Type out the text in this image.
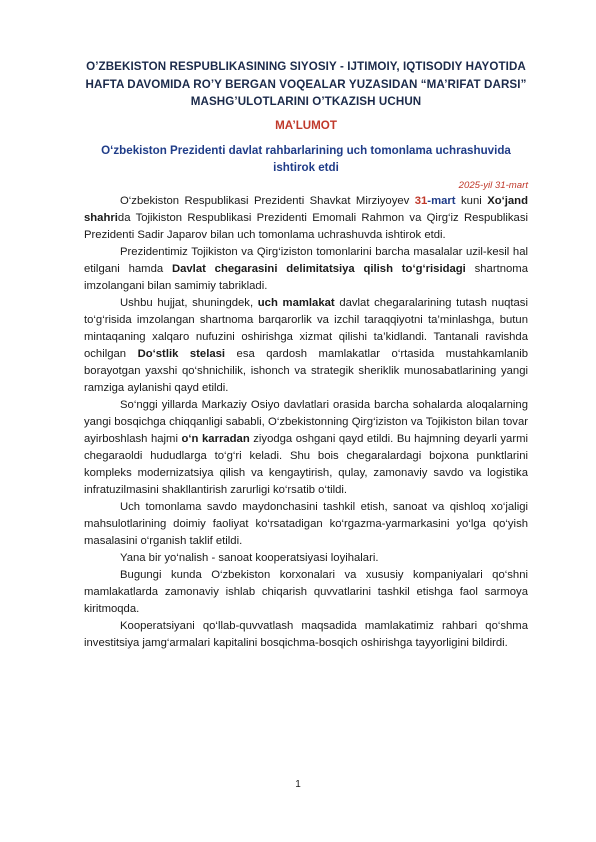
O’ZBEKISTON RESPUBLIKASINING SIYOSIY - IJTIMOIY, IQTISODIY HAYOTIDA
HAFTA DAVOMIDA RO’Y BERGAN VOQEALAR YUZASIDAN “MA’RIFAT DARSI”
MASHG’ULOTLARINI O’TKAZISH UCHUN
MA’LUMOT
O‘zbekiston Prezidenti davlat rahbarlarining uch tomonlama uchrashuvida ishtirok etdi
2025-yil 31-mart

O‘zbekiston Respublikasi Prezidenti Shavkat Mirziyoyev 31-mart kuni Xo‘jand shahrida Tojikiston Respublikasi Prezidenti Emomali Rahmon va Qirg‘iz Respublikasi Prezidenti Sadir Japarov bilan uch tomonlama uchrashuvda ishtirok etdi.

Prezidentimiz Tojikiston va Qirg‘iziston tomonlarini barcha masalalar uzil-kesil hal etilgani hamda Davlat chegarasini delimitatsiya qilish to‘g‘risidagi shartnoma imzolangani bilan samimiy tabrikladi.

Ushbu hujjat, shuningdek, uch mamlakat davlat chegaralarining tutash nuqtasi to‘g‘risida imzolangan shartnoma barqarorlik va izchil taraqqiyotni ta’minlashga, butun mintaqaning xalqaro nufuzini oshirishga xizmat qilishi ta’kidlandi. Tantanali ravishda ochilgan Do‘stlik stelasi esa qardosh mamlakatlar o‘rtasida mustahkamlanib borayotgan yaxshi qo‘shnichilik, ishonch va strategik sheriklik munosabatlarining yangi ramziga aylanishi qayd etildi.

So‘nggi yillarda Markaziy Osiyo davlatlari orasida barcha sohalarda aloqalarning yangi bosqichga chiqqanligi sababli, O‘zbekistonning Qirg‘iziston va Tojikiston bilan tovar ayirboshlash hajmi o‘n karradan ziyodga oshgani qayd etildi. Bu hajmning deyarli yarmi chegaraoldi hududlarga to‘g‘ri keladi. Shu bois chegaralardagi bojxona punktlarini kompleks modernizatsiya qilish va kengaytirish, qulay, zamonaviy savdo va logistika infratuzilmasini shakllantirish zarurligi ko‘rsatib o‘tildi.

Uch tomonlama savdo maydonchasini tashkil etish, sanoat va qishloq xo‘jaligi mahsulotlarining doimiy faoliyat ko‘rsatadigan ko‘rgazma-yarmarkasini yo‘lga qo‘yish masalasini o‘rganish taklif etildi.

Yana bir yo‘nalish - sanoat kooperatsiyasi loyihalari.

Bugungi kunda O‘zbekiston korxonalari va xususiy kompaniyalari qo‘shni mamlakatlarda zamonaviy ishlab chiqarish quvvatlarini tashkil etishga faol sarmoya kiritmoqda.

Kooperatsiyani qo‘llab-quvvatlash maqsadida mamlakatimiz rahbari qo‘shma investitsiya jamg‘armalari kapitalini bosqichma-bosqich oshirishga tayyorligini bildirdi.

1
